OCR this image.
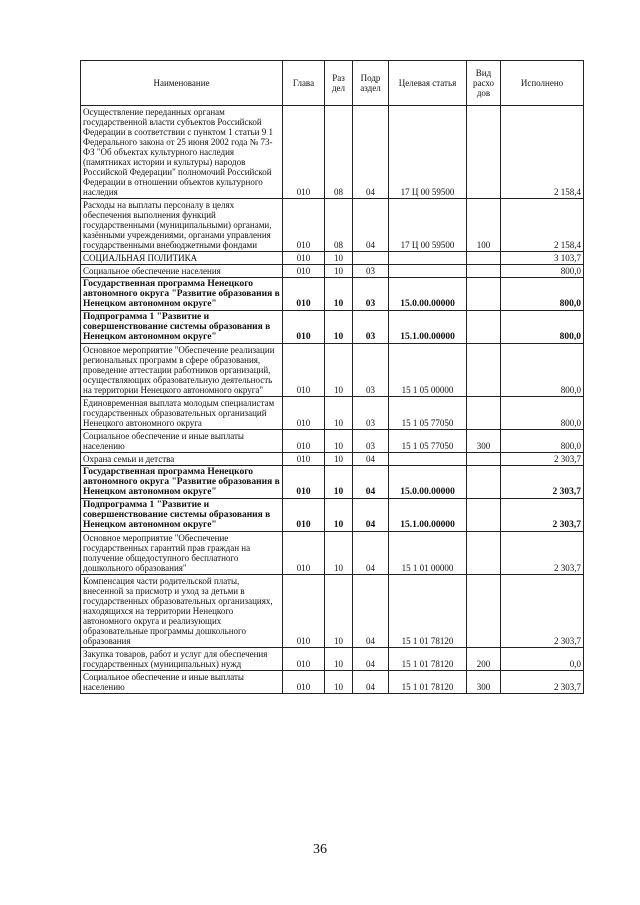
Наименование	Глава	Раз дел	Подр аздел	Целевая статья	Вид расхо дов	Исполнено
Осуществление переданных органам государственной власти субъектов Российской Федерации в соответствии с пунктом 1 статьи 9 1 Федерального закона от 25 июня 2002 года № 73-ФЗ "Об объектах культурного наследия (памятниках истории и культуры) народов Российской Федерации" полномочий Российской Федерации в отношении объектов культурного наследия	010	08	04	17 Ц 00 59500		2 158,4
Расходы на выплаты персоналу в целях обеспечения выполнения функций государственными (муниципальными) органами, казёнными учреждениями, органами управления государственными внебюджетными фондами	010	08	04	17 Ц 00 59500	100	2 158,4
СОЦИАЛЬНАЯ ПОЛИТИКА	010	10				3 103,7
Социальное обеспечение населения	010	10	03			800,0
Государственная программа Ненецкого автономного округа "Развитие образования в Ненецком автономном округе"	010	10	03	15.0.00.00000		800,0
Подпрограмма 1 "Развитие и совершенствование системы образования в Ненецком автономном округе"	010	10	03	15.1.00.00000		800,0
Основное мероприятие "Обеспечение реализации региональных программ в сфере образования, проведение аттестации работников организаций, осуществляющих образовательную деятельность на территории Ненецкого автономного округа"	010	10	03	15 1 05 00000		800,0
Единовременная выплата молодым специалистам государственных образовательных организаций Ненецкого автономного округа	010	10	03	15 1 05 77050		800,0
Социальное обеспечение и иные выплаты населению	010	10	03	15 1 05 77050	300	800,0
Охрана семьи и детства	010	10	04			2 303,7
Государственная программа Ненецкого автономного округа "Развитие образования в Ненецком автономном округе"	010	10	04	15.0.00.00000		2 303,7
Подпрограмма 1 "Развитие и совершенствование системы образования в Ненецком автономном округе"	010	10	04	15.1.00.00000		2 303,7
Основное мероприятие "Обеспечение государственных гарантий прав граждан на получение общедоступного бесплатного дошкольного образования"	010	10	04	15 1 01 00000		2 303,7
Компенсация части родительской платы, внесенной за присмотр и уход за детьми в государственных образовательных организациях, находящихся на территории Ненецкого автономного округа и реализующих образовательные программы дошкольного образования	010	10	04	15 1 01 78120		2 303,7
Закупка товаров, работ и услуг для обеспечения государственных (муниципальных) нужд	010	10	04	15 1 01 78120	200	0,0
Социальное обеспечение и иные выплаты населению	010	10	04	15 1 01 78120	300	2 303,7
36
